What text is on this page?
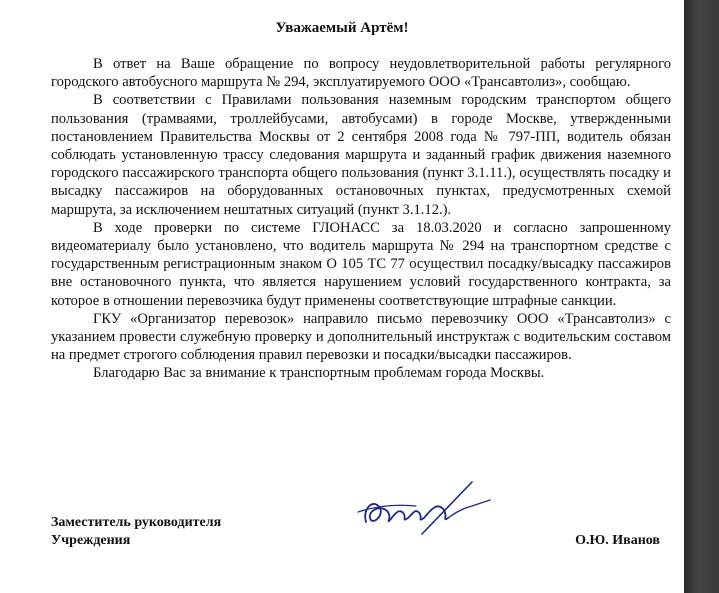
Уважаемый Артём!

В ответ на Ваше обращение по вопросу неудовлетворительной работы регулярного городского автобусного маршрута № 294, эксплуатируемого ООО «Трансавтолиз», сообщаю.

В соответствии с Правилами пользования наземным городским транспортом общего пользования (трамваями, троллейбусами, автобусами) в городе Москве, утвержденными постановлением Правительства Москвы от 2 сентября 2008 года № 797-ПП, водитель обязан соблюдать установленную трассу следования маршрута и заданный график движения наземного городского пассажирского транспорта общего пользования (пункт 3.1.11.), осуществлять посадку и высадку пассажиров на оборудованных остановочных пунктах, предусмотренных схемой маршрута, за исключением нештатных ситуаций (пункт 3.1.12.).

В ходе проверки по системе ГЛОНАСС за 18.03.2020 и согласно запрошенному видеоматериалу было установлено, что водитель маршрута № 294 на транспортном средстве с государственным регистрационным знаком О 105 ТС 77 осуществил посадку/высадку пассажиров вне остановочного пункта, что является нарушением условий государственного контракта, за которое в отношении перевозчика будут применены соответствующие штрафные санкции.

ГКУ «Организатор перевозок» направило письмо перевозчику ООО «Трансавтолиз» с указанием провести служебную проверку и дополнительный инструктаж с водительским составом на предмет строгого соблюдения правил перевозки и посадки/высадки пассажиров.

Благодарю Вас за внимание к транспортным проблемам города Москвы.

Заместитель руководителя
Учреждения	О.Ю. Иванов
